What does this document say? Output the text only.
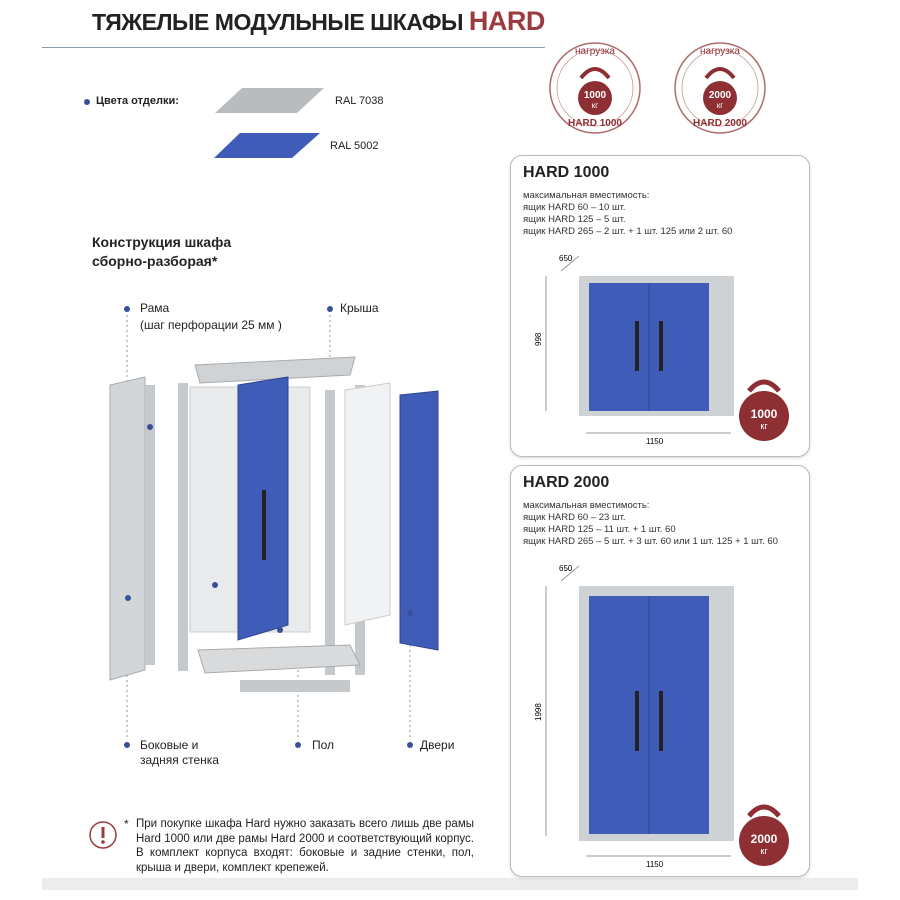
ТЯЖЕЛЫЕ МОДУЛЬНЫЕ ШКАФЫ HARD
Цвета отделки:	RAL 7038
RAL 5002
нагрузка
1000
кг
HARD 1000
нагрузка
2000
кг
HARD 2000
Конструкция шкафа
сборно-разборая*
Рама
(шаг перфорации 25 мм )
Крыша
Боковые и
задняя стенка
Пол	Двери
HARD 1000
максимальная вместимость:
ящик HARD 60 – 10 шт.
ящик HARD 125 – 5 шт.
ящик HARD 265 – 2 шт. + 1 шт. 125 или 2 шт. 60
998
1150
650
1000
кг
HARD 2000
максимальная вместимость:
ящик HARD 60 – 23 шт.
ящик HARD 125 – 11 шт. + 1 шт. 60
ящик HARD 265 – 5 шт. + 3 шт. 60 или 1 шт. 125 + 1 шт. 60
1998
1150
650
2000
кг
* При покупке шкафа Hard нужно заказать всего лишь две рамы Hard 1000 или две рамы Hard 2000 и соответствующий корпус. В комплект корпуса входят: боковые и задние стенки, пол, крыша и двери, комплект крепежей.
